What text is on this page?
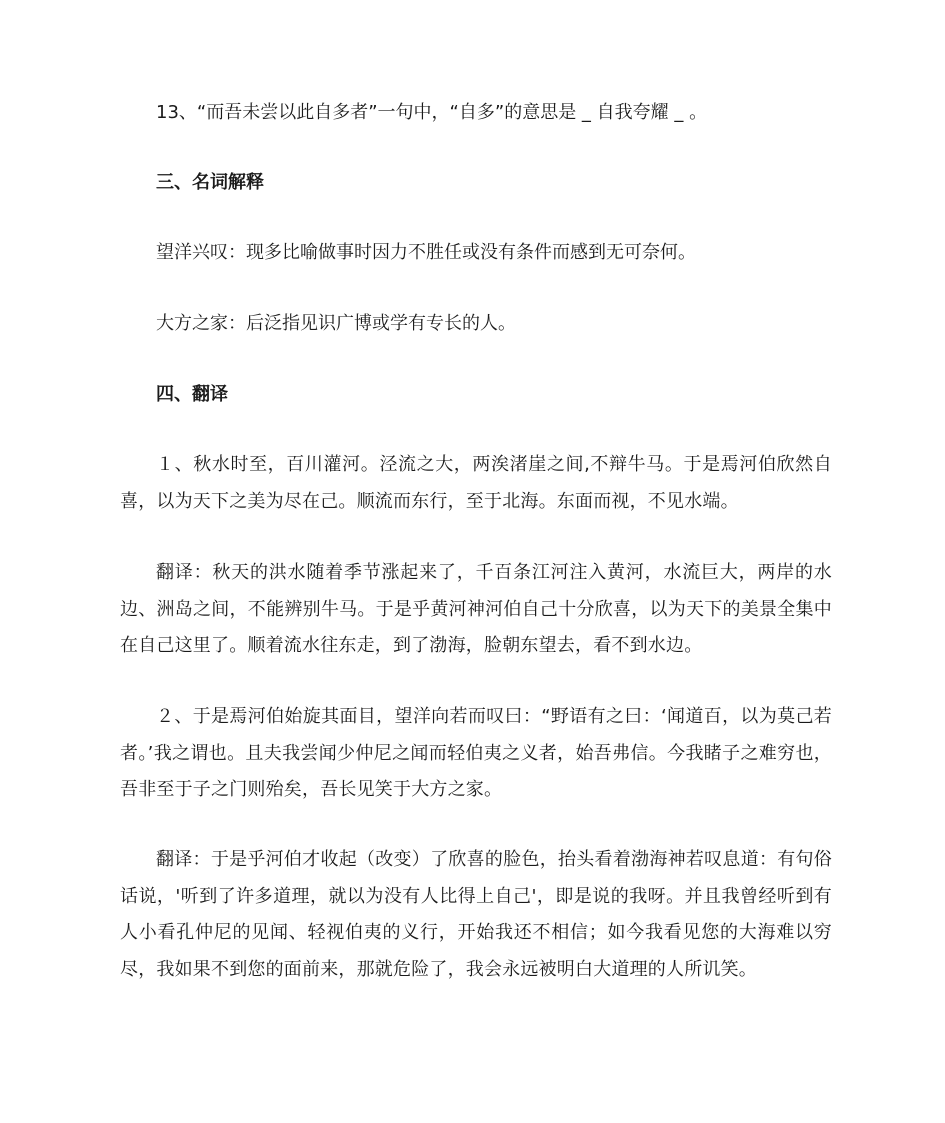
13、“而吾未尝以此自多者”一句中，“自多”的意思是 _ 自我夸耀 _ 。

三、名词解释

望洋兴叹：现多比喻做事时因力不胜任或没有条件而感到无可奈何。

大方之家：后泛指见识广博或学有专长的人。

四、翻译

１、秋水时至，百川灌河。泾流之大，两涘渚崖之间,不辩牛马。于是焉河伯欣然自喜，以为天下之美为尽在己。顺流而东行，至于北海。东面而视，不见水端。

翻译：秋天的洪水随着季节涨起来了，千百条江河注入黄河，水流巨大，两岸的水边、洲岛之间，不能辨别牛马。于是乎黄河神河伯自己十分欣喜，以为天下的美景全集中在自己这里了。顺着流水往东走，到了渤海，脸朝东望去，看不到水边。

２、于是焉河伯始旋其面目，望洋向若而叹曰：“野语有之曰：‘闻道百，以为莫己若者。’我之谓也。且夫我尝闻少仲尼之闻而轻伯夷之义者，始吾弗信。今我睹子之难穷也，吾非至于子之门则殆矣，吾长见笑于大方之家。

翻译：于是乎河伯才收起（改变）了欣喜的脸色，抬头看着渤海神若叹息道：有句俗话说，'听到了许多道理，就以为没有人比得上自己'，即是说的我呀。并且我曾经听到有人小看孔仲尼的见闻、轻视伯夷的义行，开始我还不相信；如今我看见您的大海难以穷尽，我如果不到您的面前来，那就危险了，我会永远被明白大道理的人所讥笑。
